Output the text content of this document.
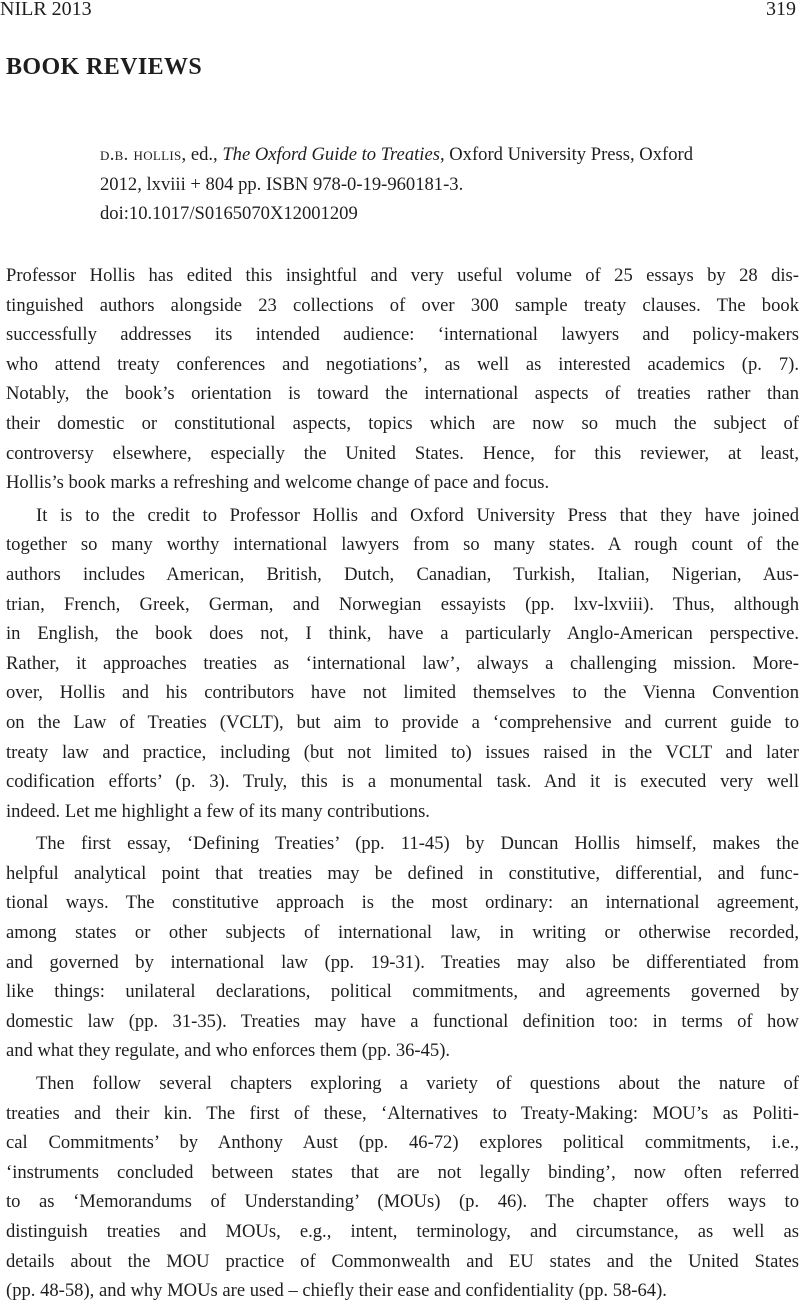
NILR 2013	319
BOOK REVIEWS
d.b. hollis, ed., The Oxford Guide to Treaties, Oxford University Press, Oxford
2012, lxviii + 804 pp. ISBN 978-0-19-960181-3.
doi:10.1017/S0165070X12001209

Professor Hollis has edited this insightful and very useful volume of 25 essays by 28 dis-
tinguished authors alongside 23 collections of over 300 sample treaty clauses. The book
successfully addresses its intended audience: ‘international lawyers and policy-makers
who attend treaty conferences and negotiations’, as well as interested academics (p. 7).
Notably, the book’s orientation is toward the international aspects of treaties rather than
their domestic or constitutional aspects, topics which are now so much the subject of
controversy elsewhere, especially the United States. Hence, for this reviewer, at least,
Hollis’s book marks a refreshing and welcome change of pace and focus.

It is to the credit to Professor Hollis and Oxford University Press that they have joined
together so many worthy international lawyers from so many states. A rough count of the
authors includes American, British, Dutch, Canadian, Turkish, Italian, Nigerian, Aus-
trian, French, Greek, German, and Norwegian essayists (pp. lxv-lxviii). Thus, although
in English, the book does not, I think, have a particularly Anglo-American perspective.
Rather, it approaches treaties as ‘international law’, always a challenging mission. More-
over, Hollis and his contributors have not limited themselves to the Vienna Convention
on the Law of Treaties (VCLT), but aim to provide a ‘comprehensive and current guide to
treaty law and practice, including (but not limited to) issues raised in the VCLT and later
codification efforts’ (p. 3). Truly, this is a monumental task. And it is executed very well
indeed. Let me highlight a few of its many contributions.

The first essay, ‘Defining Treaties’ (pp. 11-45) by Duncan Hollis himself, makes the
helpful analytical point that treaties may be defined in constitutive, differential, and func-
tional ways. The constitutive approach is the most ordinary: an international agreement,
among states or other subjects of international law, in writing or otherwise recorded,
and governed by international law (pp. 19-31). Treaties may also be differentiated from
like things: unilateral declarations, political commitments, and agreements governed by
domestic law (pp. 31-35). Treaties may have a functional definition too: in terms of how
and what they regulate, and who enforces them (pp. 36-45).

Then follow several chapters exploring a variety of questions about the nature of
treaties and their kin. The first of these, ‘Alternatives to Treaty-Making: MOU’s as Politi-
cal Commitments’ by Anthony Aust (pp. 46-72) explores political commitments, i.e.,
‘instruments concluded between states that are not legally binding’, now often referred
to as ‘Memorandums of Understanding’ (MOUs) (p. 46). The chapter offers ways to
distinguish treaties and MOUs, e.g., intent, terminology, and circumstance, as well as
details about the MOU practice of Commonwealth and EU states and the United States
(pp. 48-58), and why MOUs are used – chiefly their ease and confidentiality (pp. 58-64).
